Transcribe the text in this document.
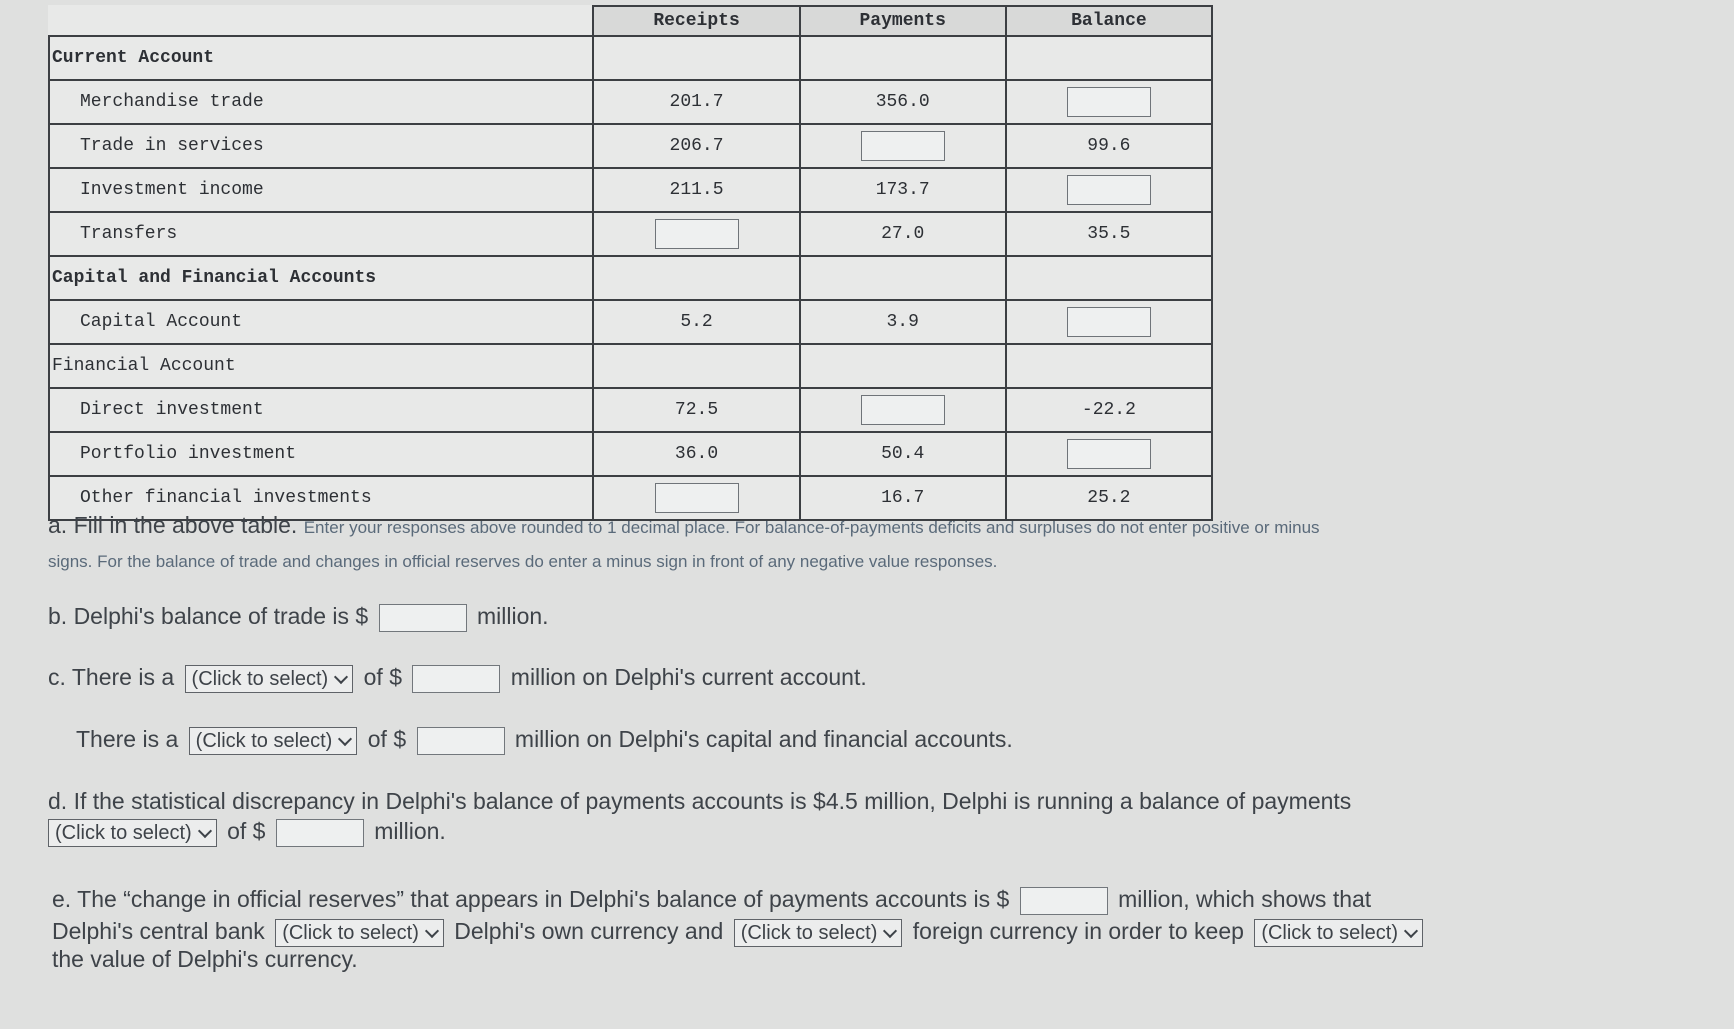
	Receipts	Payments	Balance
Current Account			
Merchandise trade	201.7	356.0	
Trade in services	206.7		99.6
Investment income	211.5	173.7	
Transfers		27.0	35.5
Capital and Financial Accounts			
Capital Account	5.2	3.9	
Financial Account			
Direct investment	72.5		-22.2
Portfolio investment	36.0	50.4	
Other financial investments		16.7	25.2
a. Fill in the above table. Enter your responses above rounded to 1 decimal place. For balance-of-payments deficits and surpluses do not enter positive or minus
signs. For the balance of trade and changes in official reserves do enter a minus sign in front of any negative value responses.
b. Delphi's balance of trade is $	million.
c. There is a (Click to select) of $	million on Delphi's current account.
There is a (Click to select) of $	million on Delphi's capital and financial accounts.
d. If the statistical discrepancy in Delphi's balance of payments accounts is $4.5 million, Delphi is running a balance of payments
(Click to select) of $	million.
e. The “change in official reserves” that appears in Delphi's balance of payments accounts is $	million, which shows that
Delphi's central bank (Click to select) Delphi's own currency and (Click to select) foreign currency in order to keep (Click to select)
the value of Delphi's currency.
